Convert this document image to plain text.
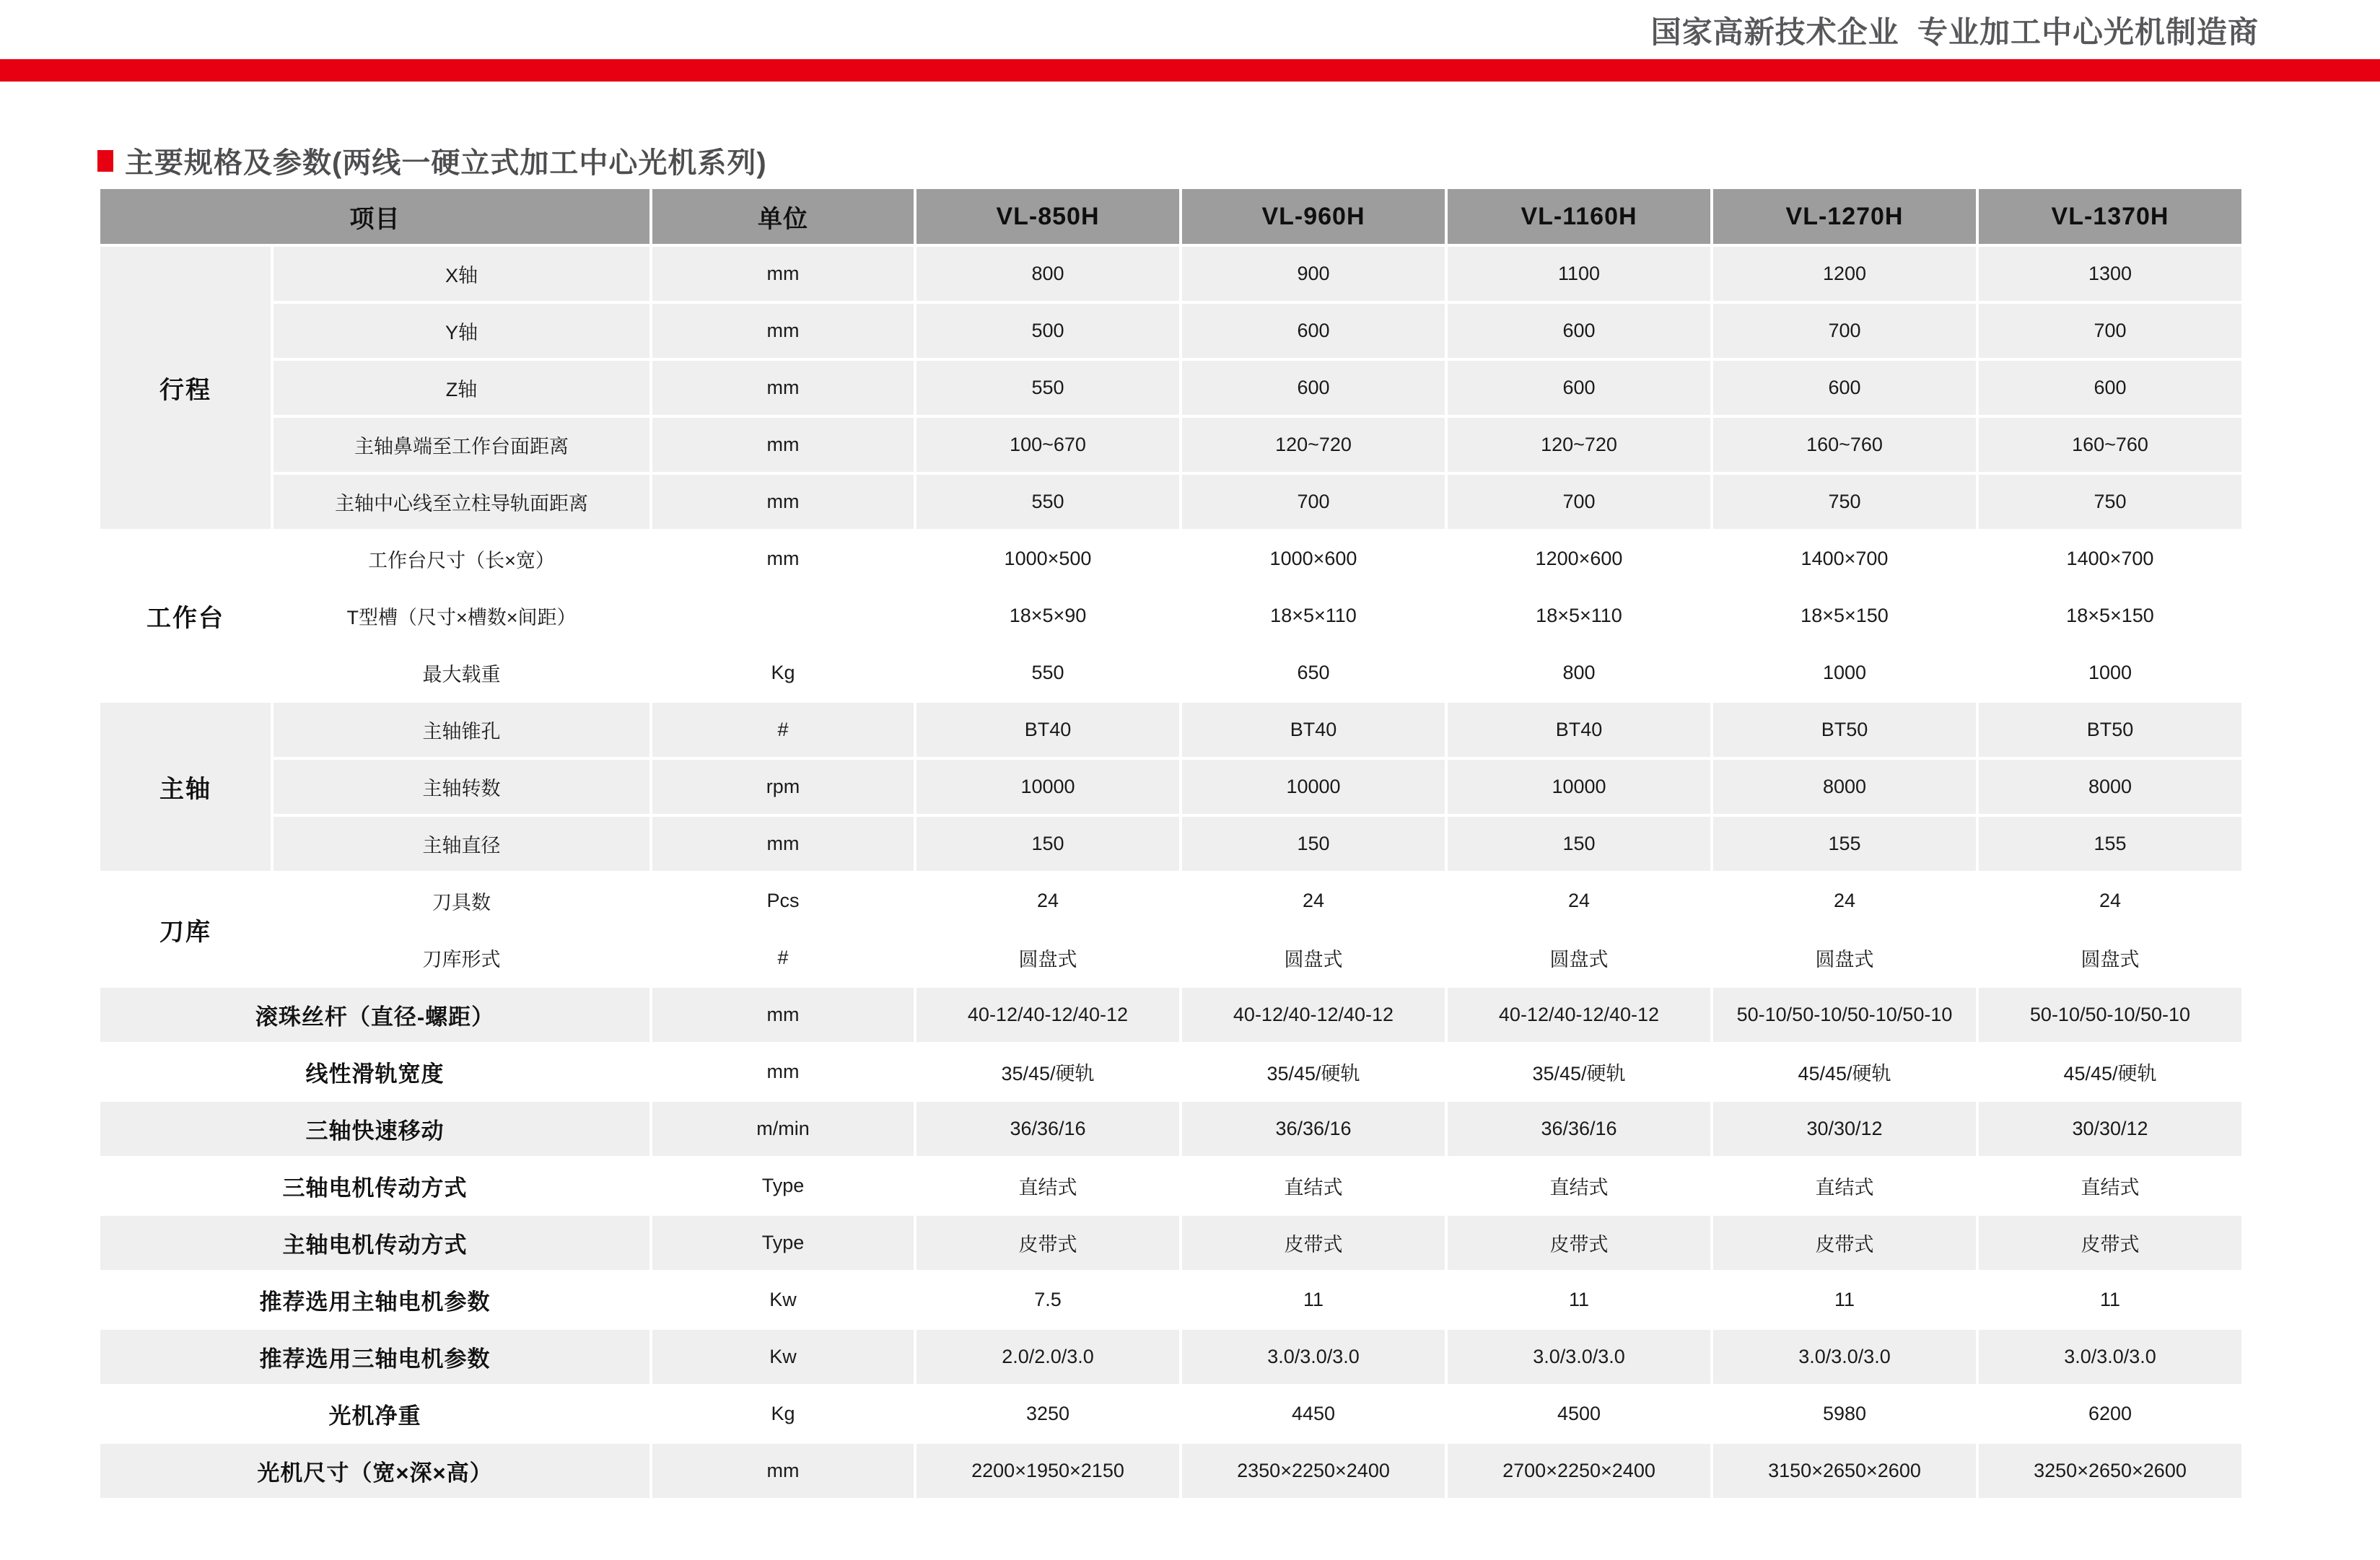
国家高新技术企业  专业加工中心光机制造商
主要规格及参数(两线一硬立式加工中心光机系列)
项目		单位	VL-850H	VL-960H	VL-1160H	VL-1270H	VL-1370H
行程	X轴	mm	800	900	1100	1200	1300
	Y轴	mm	500	600	600	700	700
	Z轴	mm	550	600	600	600	600
	主轴鼻端至工作台面距离	mm	100~670	120~720	120~720	160~760	160~760
	主轴中心线至立柱导轨面距离	mm	550	700	700	750	750
工作台	工作台尺寸（长×宽）	mm	1000×500	1000×600	1200×600	1400×700	1400×700
	T型槽（尺寸×槽数×间距）		18×5×90	18×5×110	18×5×110	18×5×150	18×5×150
	最大载重	Kg	550	650	800	1000	1000
主轴	主轴锥孔	#	BT40	BT40	BT40	BT50	BT50
	主轴转数	rpm	10000	10000	10000	8000	8000
	主轴直径	mm	150	150	150	155	155
刀库	刀具数	Pcs	24	24	24	24	24
	刀库形式	#	圆盘式	圆盘式	圆盘式	圆盘式	圆盘式
滚珠丝杆（直径-螺距）		mm	40-12/40-12/40-12	40-12/40-12/40-12	40-12/40-12/40-12	50-10/50-10/50-10/50-10	50-10/50-10/50-10
线性滑轨宽度		mm	35/45/硬轨	35/45/硬轨	35/45/硬轨	45/45/硬轨	45/45/硬轨
三轴快速移动		m/min	36/36/16	36/36/16	36/36/16	30/30/12	30/30/12
三轴电机传动方式		Type	直结式	直结式	直结式	直结式	直结式
主轴电机传动方式		Type	皮带式	皮带式	皮带式	皮带式	皮带式
推荐选用主轴电机参数		Kw	7.5	11	11	11	11
推荐选用三轴电机参数		Kw	2.0/2.0/3.0	3.0/3.0/3.0	3.0/3.0/3.0	3.0/3.0/3.0	3.0/3.0/3.0
光机净重		Kg	3250	4450	4500	5980	6200
光机尺寸（宽×深×高）		mm	2200×1950×2150	2350×2250×2400	2700×2250×2400	3150×2650×2600	3250×2650×2600
